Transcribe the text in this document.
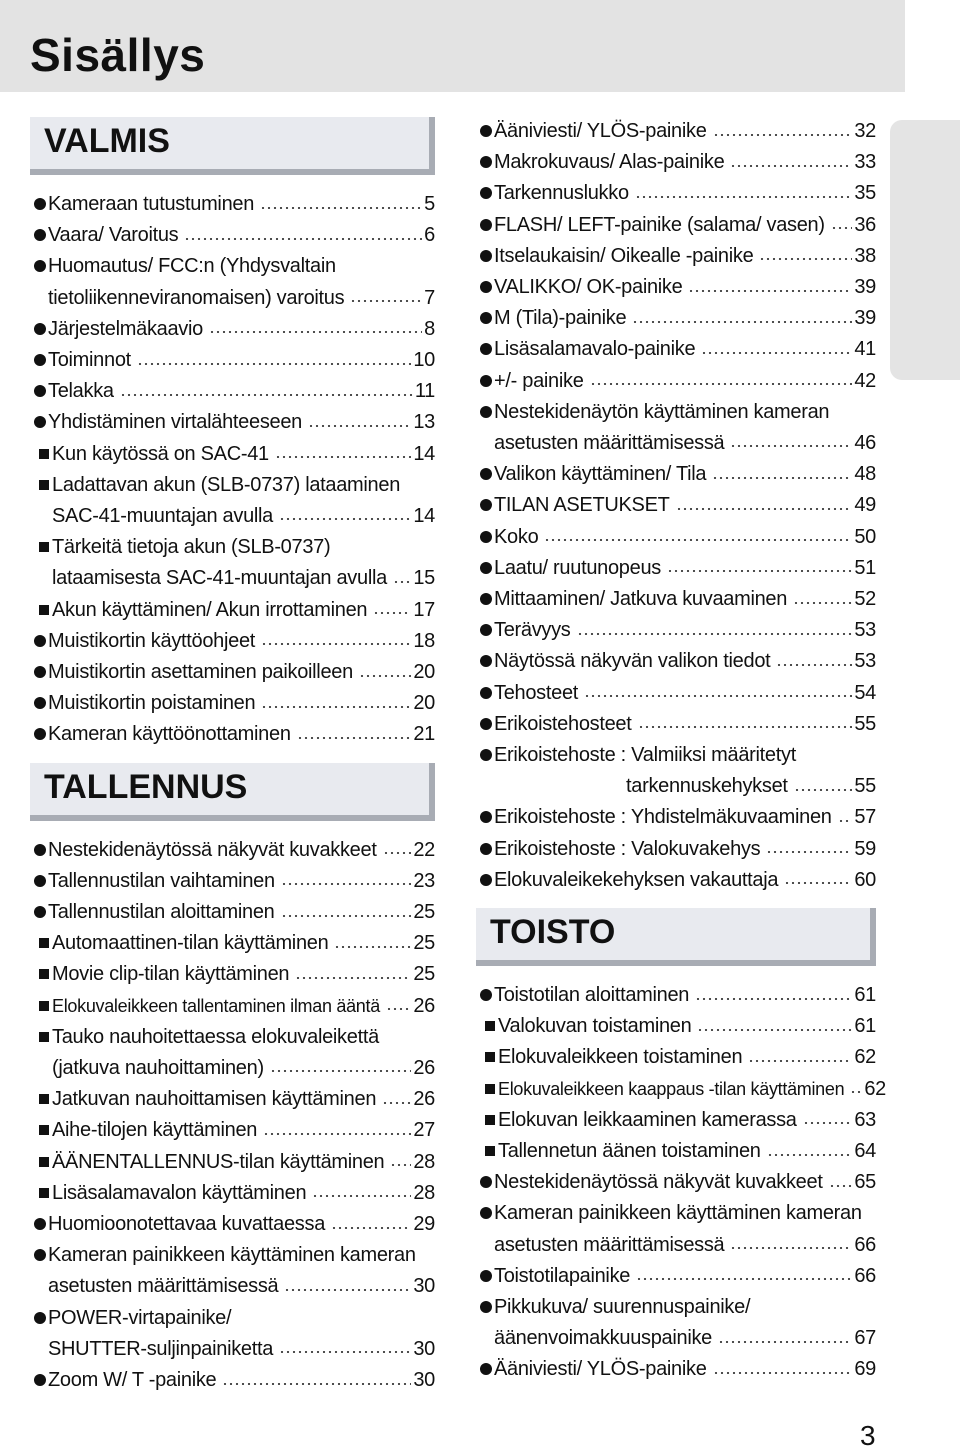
Sisällys
VALMIS
Kameraan tutustuminen	5
Vaara/ Varoitus	6
Huomautus/ FCC:n (Yhdysvaltain
tietoliikenneviranomaisen) varoitus	7
Järjestelmäkaavio	8
Toiminnot	10
Telakka	11
Yhdistäminen virtalähteeseen	13
Kun käytössä on SAC-41	14
Ladattavan akun (SLB-0737) lataaminen
SAC-41-muuntajan avulla	14
Tärkeitä tietoja akun (SLB-0737)
lataamisesta SAC-41-muuntajan avulla 15
Akun käyttäminen/ Akun irrottaminen 17
Muistikortin käyttöohjeet	18
Muistikortin asettaminen paikoilleen	20
Muistikortin poistaminen	20
Kameran käyttöönottaminen	21
TALLENNUS
Nestekidenäytössä näkyvät kuvakkeet 22
Tallennustilan vaihtaminen	23
Tallennustilan aloittaminen	25
Automaattinen-tilan käyttäminen	25
Movie clip-tilan käyttäminen	25
Elokuvaleikkeen tallentaminen ilman ääntä 26
Tauko nauhoitettaessa elokuvaleikettä
(jatkuva nauhoittaminen)	26
Jatkuvan nauhoittamisen käyttäminen 26
Aihe-tilojen käyttäminen	27
ÄÄNENTALLENNUS-tilan käyttäminen 28
Lisäsalamavalon käyttäminen	28
Huomioonotettavaa kuvattaessa	29
Kameran painikkeen käyttäminen kameran
asetusten määrittämisessä	30
POWER-virtapainike/
SHUTTER-suljinpainiketta	30
Zoom W/ T -painike	30
Ääniviesti/ YLÖS-painike	32
Makrokuvaus/ Alas-painike	33
Tarkennuslukko	35
FLASH/ LEFT-painike (salama/ vasen) 36
Itselaukaisin/ Oikealle -painike	38
VALIKKO/ OK-painike	39
M (Tila)-painike	39
Lisäsalamavalo-painike	41
+/- painike	42
Nestekidenäytön käyttäminen kameran
asetusten määrittämisessä	46
Valikon käyttäminen/ Tila	48
TILAN ASETUKSET	49
Koko	50
Laatu/ ruutunopeus	51
Mittaaminen/ Jatkuva kuvaaminen	52
Terävyys	53
Näytössä näkyvän valikon tiedot	53
Tehosteet	54
Erikoistehosteet	55
Erikoistehoste : Valmiiksi määritetyt
tarkennuskehykset	55
Erikoistehoste : Yhdistelmäkuvaaminen 57
Erikoistehoste : Valokuvakehys	59
Elokuvaleikekehyksen vakauttaja	60
TOISTO
Toistotilan aloittaminen	61
Valokuvan toistaminen	61
Elokuvaleikkeen toistaminen	62
Elokuvaleikkeen kaappaus -tilan käyttäminen 62
Elokuvan leikkaaminen kamerassa	63
Tallennetun äänen toistaminen	64
Nestekidenäytössä näkyvät kuvakkeet 65
Kameran painikkeen käyttäminen kameran
asetusten määrittämisessä	66
Toistotilapainike	66
Pikkukuva/ suurennuspainike/
äänenvoimakkuuspainike	67
Ääniviesti/ YLÖS-painike	69
3
